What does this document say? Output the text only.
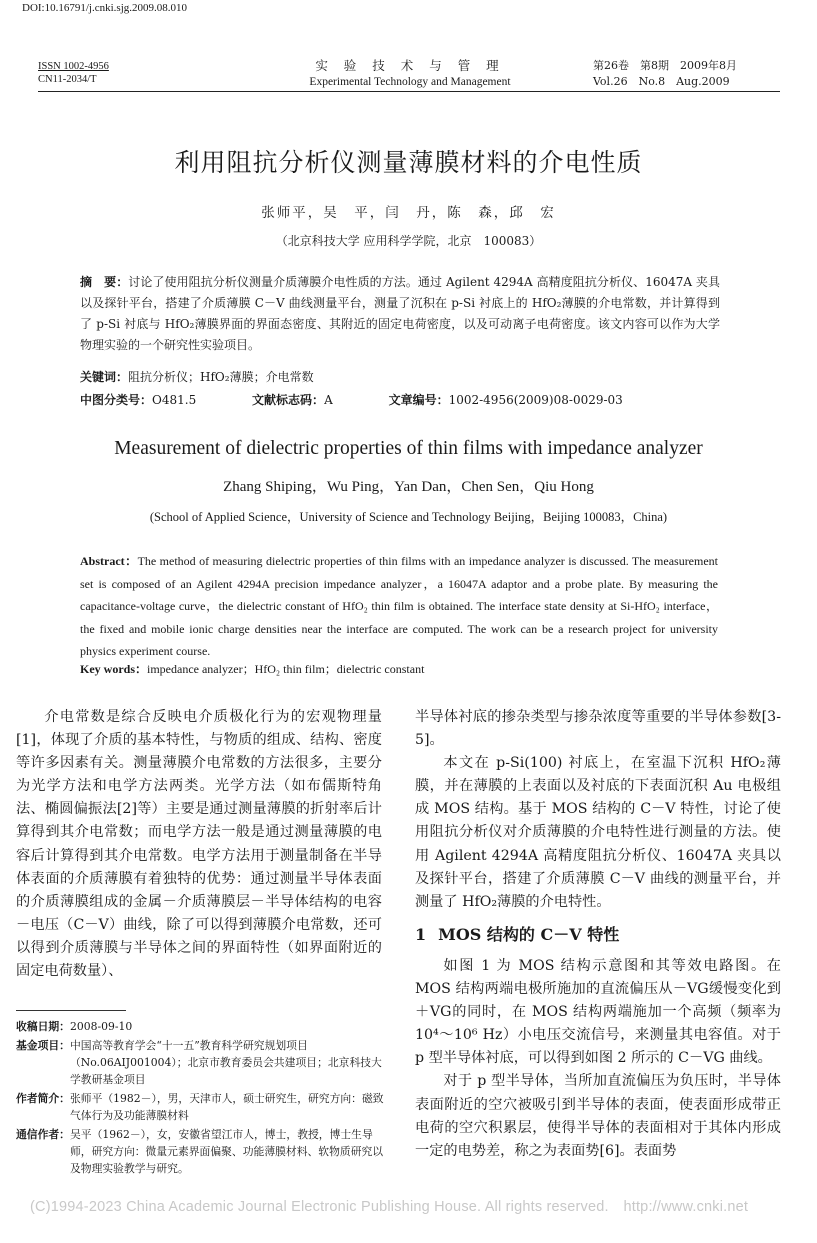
DOI:10.16791/j.cnki.sjg.2009.08.010
ISSN 1002-4956
CN11-2034/T
实 验 技 术 与 管 理
Experimental Technology and Management
第26卷　第8期　2009年8月
Vol.26　No.8　Aug.2009
利用阻抗分析仪测量薄膜材料的介电性质
张师平，吴　平，闫　丹，陈　森，邱　宏
（北京科技大学 应用科学学院，北京　100083）
摘　要：讨论了使用阻抗分析仪测量介质薄膜介电性质的方法。通过 Agilent 4294A 高精度阻抗分析仪、16047A 夹具以及探针平台，搭建了介质薄膜 C－V 曲线测量平台，测量了沉积在 p-Si 衬底上的 HfO₂薄膜的介电常数，并计算得到了 p-Si 衬底与 HfO₂薄膜界面的界面态密度、其附近的固定电荷密度，以及可动离子电荷密度。该文内容可以作为大学物理实验的一个研究性实验项目。
关键词：阻抗分析仪；HfO₂薄膜；介电常数
中图分类号：O481.5	文献标志码：A	文章编号：1002-4956(2009)08-0029-03
Measurement of dielectric properties of thin films with impedance analyzer
Zhang Shiping，Wu Ping，Yan Dan，Chen Sen，Qiu Hong
(School of Applied Science，University of Science and Technology Beijing，Beijing 100083，China)
Abstract：The method of measuring dielectric properties of thin films with an impedance analyzer is discussed. The measurement set is composed of an Agilent 4294A precision impedance analyzer，a 16047A adaptor and a probe plate. By measuring the capacitance-voltage curve，the dielectric constant of HfO₂ thin film is obtained. The interface state density at Si-HfO₂ interface，the fixed and mobile ionic charge densities near the interface are computed. The work can be a research project for university physics experiment course.
Key words：impedance analyzer；HfO₂ thin film；dielectric constant

介电常数是综合反映电介质极化行为的宏观物理量[1]，体现了介质的基本特性，与物质的组成、结构、密度等许多因素有关。测量薄膜介电常数的方法很多，主要分为光学方法和电学方法两类。光学方法（如布儒斯特角法、椭圆偏振法[2]等）主要是通过测量薄膜的折射率后计算得到其介电常数；而电学方法一般是通过测量薄膜的电容后计算得到其介电常数。电学方法用于测量制备在半导体表面的介质薄膜有着独特的优势：通过测量半导体表面的介质薄膜组成的金属－介质薄膜层－半导体结构的电容－电压（C－V）曲线，除了可以得到薄膜介电常数，还可以得到介质薄膜与半导体之间的界面特性（如界面附近的固定电荷数量）、

半导体衬底的掺杂类型与掺杂浓度等重要的半导体参数[3-5]。

本文在 p-Si(100) 衬底上，在室温下沉积 HfO₂薄膜，并在薄膜的上表面以及衬底的下表面沉积 Au 电极组成 MOS 结构。基于 MOS 结构的 C－V 特性，讨论了使用阻抗分析仪对介质薄膜的介电特性进行测量的方法。使用 Agilent 4294A 高精度阻抗分析仪、16047A 夹具以及探针平台，搭建了介质薄膜 C－V 曲线的测量平台，并测量了 HfO₂薄膜的介电特性。

1 MOS 结构的 C－V 特性

如图 1 为 MOS 结构示意图和其等效电路图。在 MOS 结构两端电极所施加的直流偏压从－VG缓慢变化到＋VG的同时，在 MOS 结构两端施加一个高频（频率为 10⁴～10⁶ Hz）小电压交流信号，来测量其电容值。对于 p 型半导体衬底，可以得到如图 2 所示的 C－VG 曲线。

对于 p 型半导体，当所加直流偏压为负压时，半导体表面附近的空穴被吸引到半导体的表面，使表面形成带正电荷的空穴积累层，使得半导体的表面相对于其体内形成一定的电势差，称之为表面势[6]。表面势

收稿日期： 2008-09-10
基金项目： 中国高等教育学会“十一五”教育科学研究规划项目（No.06AIJ001004）；北京市教育委员会共建项目；北京科技大学教研基金项目
作者简介： 张师平（1982－），男，天津市人，硕士研究生，研究方向：磁致气体行为及功能薄膜材料
通信作者： 吴平（1962－），女，安徽省望江市人，博士，教授，博士生导师，研究方向：微量元素界面偏聚、功能薄膜材料、软物质研究以及物理实验教学与研究。
(C)1994-2023 China Academic Journal Electronic Publishing House. All rights reserved.　http://www.cnki.net
